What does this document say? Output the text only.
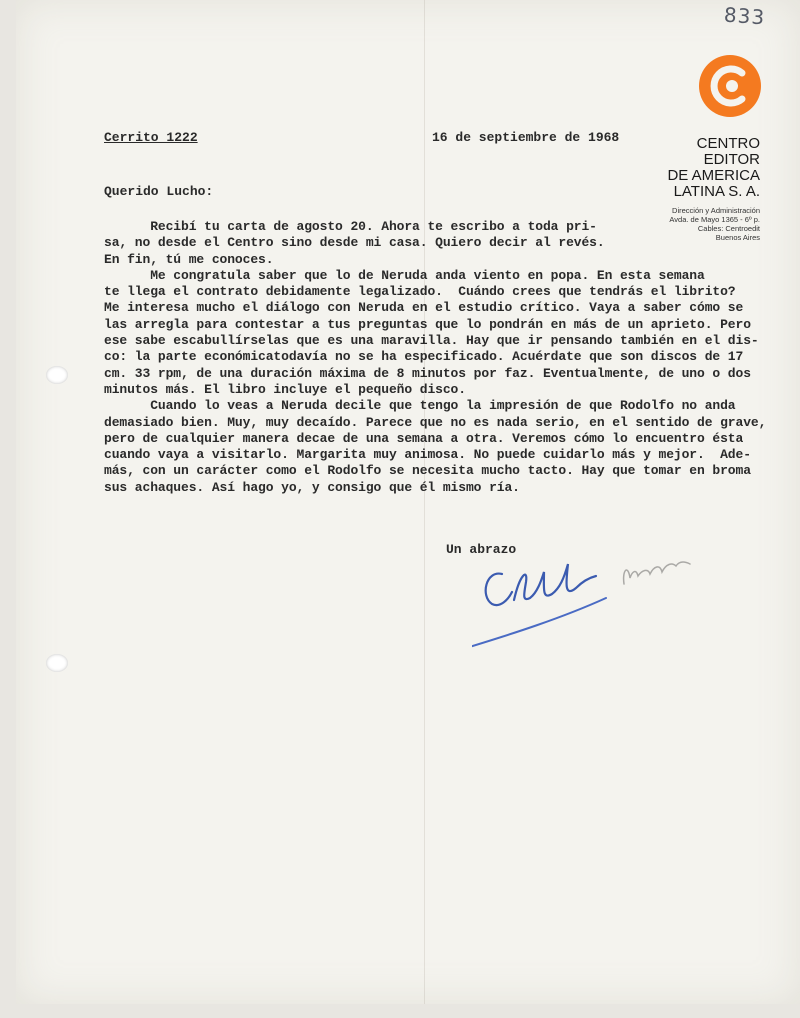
833
CENTRO
EDITOR
DE AMERICA
LATINA S. A.
Dirección y Administración
Avda. de Mayo 1365 - 6º p.
Cables: Centroedit
Buenos Aires
Cerrito 1222	16 de septiembre de 1968
Querido Lucho:
Recibí tu carta de agosto 20. Ahora te escribo a toda pri-
sa, no desde el Centro sino desde mi casa. Quiero decir al revés.
En fin, tú me conoces.
Me congratula saber que lo de Neruda anda viento en popa. En esta semana
te llega el contrato debidamente legalizado.  Cuándo crees que tendrás el librito?
Me interesa mucho el diálogo con Neruda en el estudio crítico. Vaya a saber cómo se
las arregla para contestar a tus preguntas que lo pondrán en más de un aprieto. Pero
ese sabe escabullírselas que es una maravilla. Hay que ir pensando también en el dis-
co: la parte económicatodavía no se ha especificado. Acuérdate que son discos de 17
cm. 33 rpm, de una duración máxima de 8 minutos por faz. Eventualmente, de uno o dos
minutos más. El libro incluye el pequeño disco.
Cuando lo veas a Neruda decile que tengo la impresión de que Rodolfo no anda
demasiado bien. Muy, muy decaído. Parece que no es nada serio, en el sentido de grave,
pero de cualquier manera decae de una semana a otra. Veremos cómo lo encuentro ésta
cuando vaya a visitarlo. Margarita muy animosa. No puede cuidarlo más y mejor.  Ade-
más, con un carácter como el Rodolfo se necesita mucho tacto. Hay que tomar en broma
sus achaques. Así hago yo, y consigo que él mismo ría.
Un abrazo
